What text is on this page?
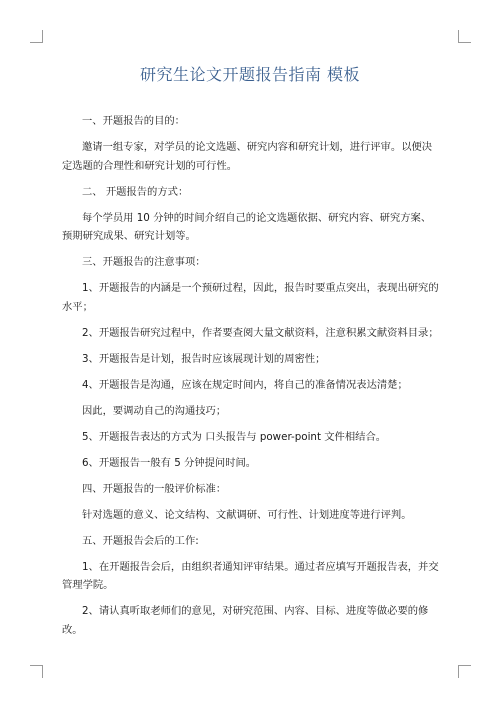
研究生论文开题报告指南 模板

一、开题报告的目的：

邀请一组专家，对学员的论文选题、研究内容和研究计划，进行评审。以便决定选题的合理性和研究计划的可行性。

二、 开题报告的方式：

每个学员用 10 分钟的时间介绍自己的论文选题依据、研究内容、研究方案、预期研究成果、研究计划等。

三、开题报告的注意事项：

1、开题报告的内涵是一个预研过程，因此，报告时要重点突出，表现出研究的水平；

2、开题报告研究过程中，作者要查阅大量文献资料，注意积累文献资料目录；

3、开题报告是计划，报告时应该展现计划的周密性；

4、开题报告是沟通，应该在规定时间内，将自己的准备情况表达清楚；

因此，要调动自己的沟通技巧；

5、开题报告表达的方式为 口头报告与 power-point 文件相结合。

6、开题报告一般有 5 分钟提问时间。

四、开题报告的一般评价标准：

针对选题的意义、论文结构、文献调研、可行性、计划进度等进行评判。

五、开题报告会后的工作:

1、在开题报告会后，由组织者通知评审结果。通过者应填写开题报告表，并交管理学院。

2、请认真听取老师们的意见，对研究范围、内容、目标、进度等做必要的修改。
